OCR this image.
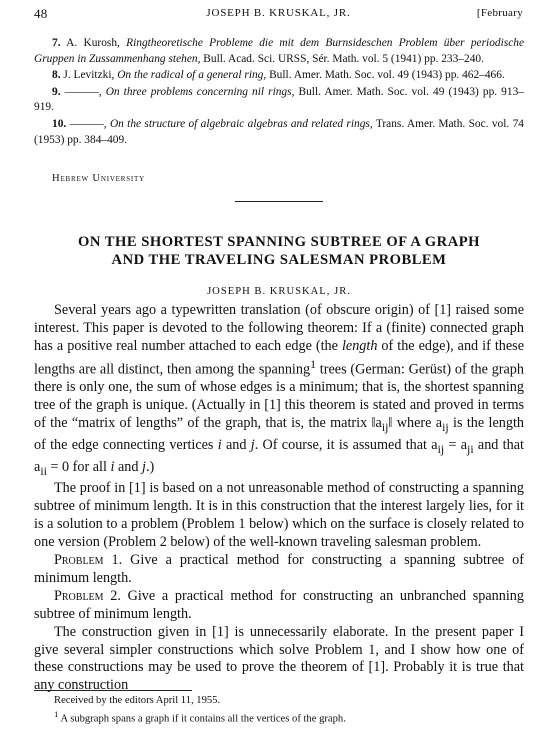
48	JOSEPH B. KRUSKAL, JR.	[February

7. A. Kurosh, Ringtheoretische Probleme die mit dem Burnsideschen Problem über periodische Gruppen in Zussammenhang stehen, Bull. Acad. Sci. URSS, Sér. Math. vol. 5 (1941) pp. 233–240.

8. J. Levitzki, On the radical of a general ring, Bull. Amer. Math. Soc. vol. 49 (1943) pp. 462–466.

9. ———, On three problems concerning nil rings, Bull. Amer. Math. Soc. vol. 49 (1943) pp. 913–919.

10. ———, On the structure of algebraic algebras and related rings, Trans. Amer. Math. Soc. vol. 74 (1953) pp. 384–409.

Hebrew University
ON THE SHORTEST SPANNING SUBTREE OF A GRAPH
AND THE TRAVELING SALESMAN PROBLEM
JOSEPH B. KRUSKAL, JR.

Several years ago a typewritten translation (of obscure origin) of [1] raised some interest. This paper is devoted to the following theorem: If a (finite) connected graph has a positive real number attached to each edge (the length of the edge), and if these lengths are all distinct, then among the spanning$^1$ trees (German: Gerüst) of the graph there is only one, the sum of whose edges is a minimum; that is, the shortest spanning tree of the graph is unique. (Actually in [1] this theorem is stated and proved in terms of the “matrix of lengths” of the graph, that is, the matrix $‖a_{ij}‖$ where $a_{ij}$ is the length of the edge connecting vertices i and j. Of course, it is assumed that $a_{ij} = a_{ji}$ and that $a_{ii} = 0$ for all i and j.)

The proof in [1] is based on a not unreasonable method of constructing a spanning subtree of minimum length. It is in this construction that the interest largely lies, for it is a solution to a problem (Problem 1 below) which on the surface is closely related to one version (Problem 2 below) of the well-known traveling salesman problem.

Problem 1. Give a practical method for constructing a spanning subtree of minimum length.

Problem 2. Give a practical method for constructing an unbranched spanning subtree of minimum length.

The construction given in [1] is unnecessarily elaborate. In the present paper I give several simpler constructions which solve Problem 1, and I show how one of these constructions may be used to prove the theorem of [1]. Probably it is true that any construction

Received by the editors April 11, 1955.

$^1$ A subgraph spans a graph if it contains all the vertices of the graph.
